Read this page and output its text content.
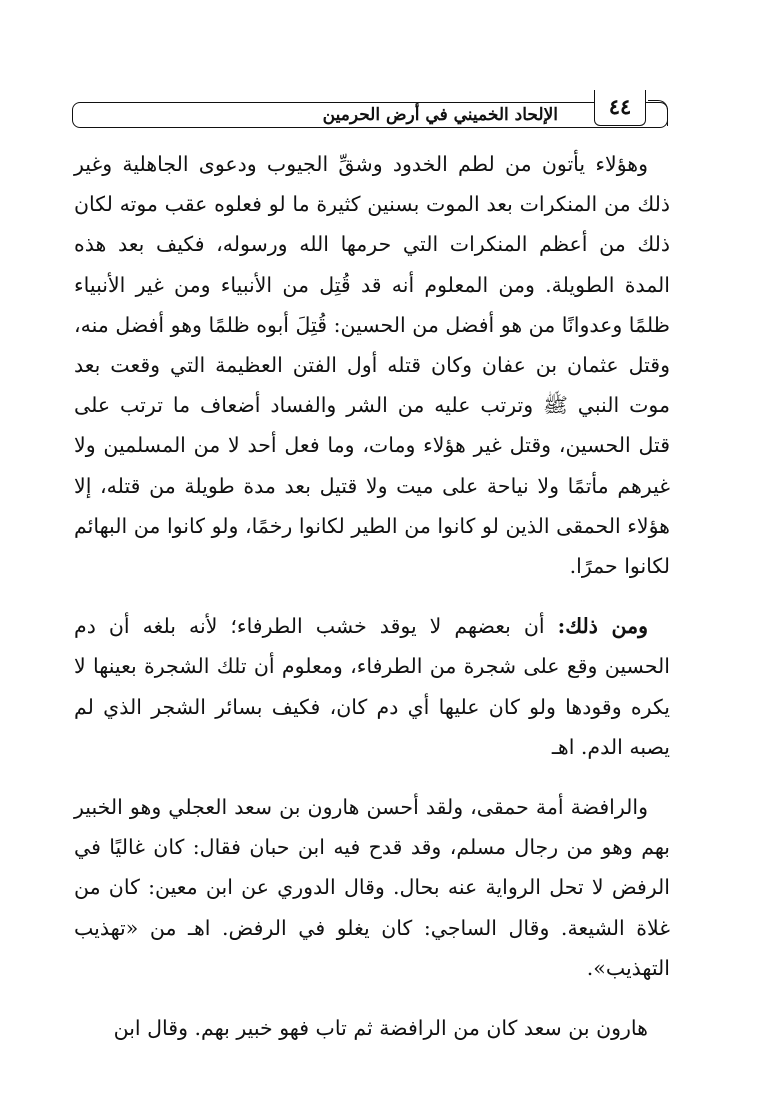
الإلحاد الخميني في أرض الحرمين	٤٤

وهؤلاء يأتون من لطم الخدود وشقِّ الجيوب ودعوى الجاهلية وغير ذلك من المنكرات بعد الموت بسنين كثيرة ما لو فعلوه عقب موته لكان ذلك من أعظم المنكرات التي حرمها الله ورسوله، فكيف بعد هذه المدة الطويلة. ومن المعلوم أنه قد قُتِل من الأنبياء ومن غير الأنبياء ظلمًا وعدوانًا من هو أفضل من الحسين: قُتِلَ أبوه ظلمًا وهو أفضل منه، وقتل عثمان بن عفان وكان قتله أول الفتن العظيمة التي وقعت بعد موت النبي ﷺ وترتب عليه من الشر والفساد أضعاف ما ترتب على قتل الحسين، وقتل غير هؤلاء ومات، وما فعل أحد لا من المسلمين ولا غيرهم مأتمًا ولا نياحة على ميت ولا قتيل بعد مدة طويلة من قتله، إلا هؤلاء الحمقى الذين لو كانوا من الطير لكانوا رخمًا، ولو كانوا من البهائم لكانوا حمرًا.

ومن ذلك: أن بعضهم لا يوقد خشب الطرفاء؛ لأنه بلغه أن دم الحسين وقع على شجرة من الطرفاء، ومعلوم أن تلك الشجرة بعينها لا يكره وقودها ولو كان عليها أي دم كان، فكيف بسائر الشجر الذي لم يصبه الدم. اهـ

والرافضة أمة حمقى، ولقد أحسن هارون بن سعد العجلي وهو الخبير بهم وهو من رجال مسلم، وقد قدح فيه ابن حبان فقال: كان غاليًا في الرفض لا تحل الرواية عنه بحال. وقال الدوري عن ابن معين: كان من غلاة الشيعة. وقال الساجي: كان يغلو في الرفض. اهـ من «تهذيب التهذيب».

هارون بن سعد كان من الرافضة ثم تاب فهو خبير بهم. وقال ابن
